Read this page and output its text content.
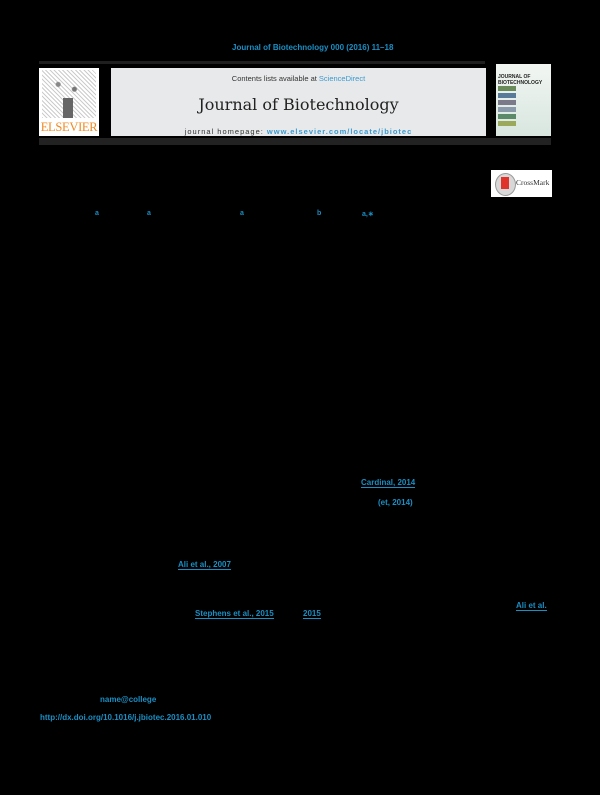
Journal of Biotechnology 000 (2016) 11–18
ELSEVIER
Contents lists available at ScienceDirect
Journal of Biotechnology
journal homepage: www.elsevier.com/locate/jbiotec
JOURNAL OF BIOTECHNOLOGY
CrossMark
a	a	a	b	a,∗
Cardinal, 2014
(et, 2014)
Ali et al., 2007
Ali et al.
Stephens et al., 2015	2015
name@college
http://dx.doi.org/10.1016/j.jbiotec.2016.01.010
